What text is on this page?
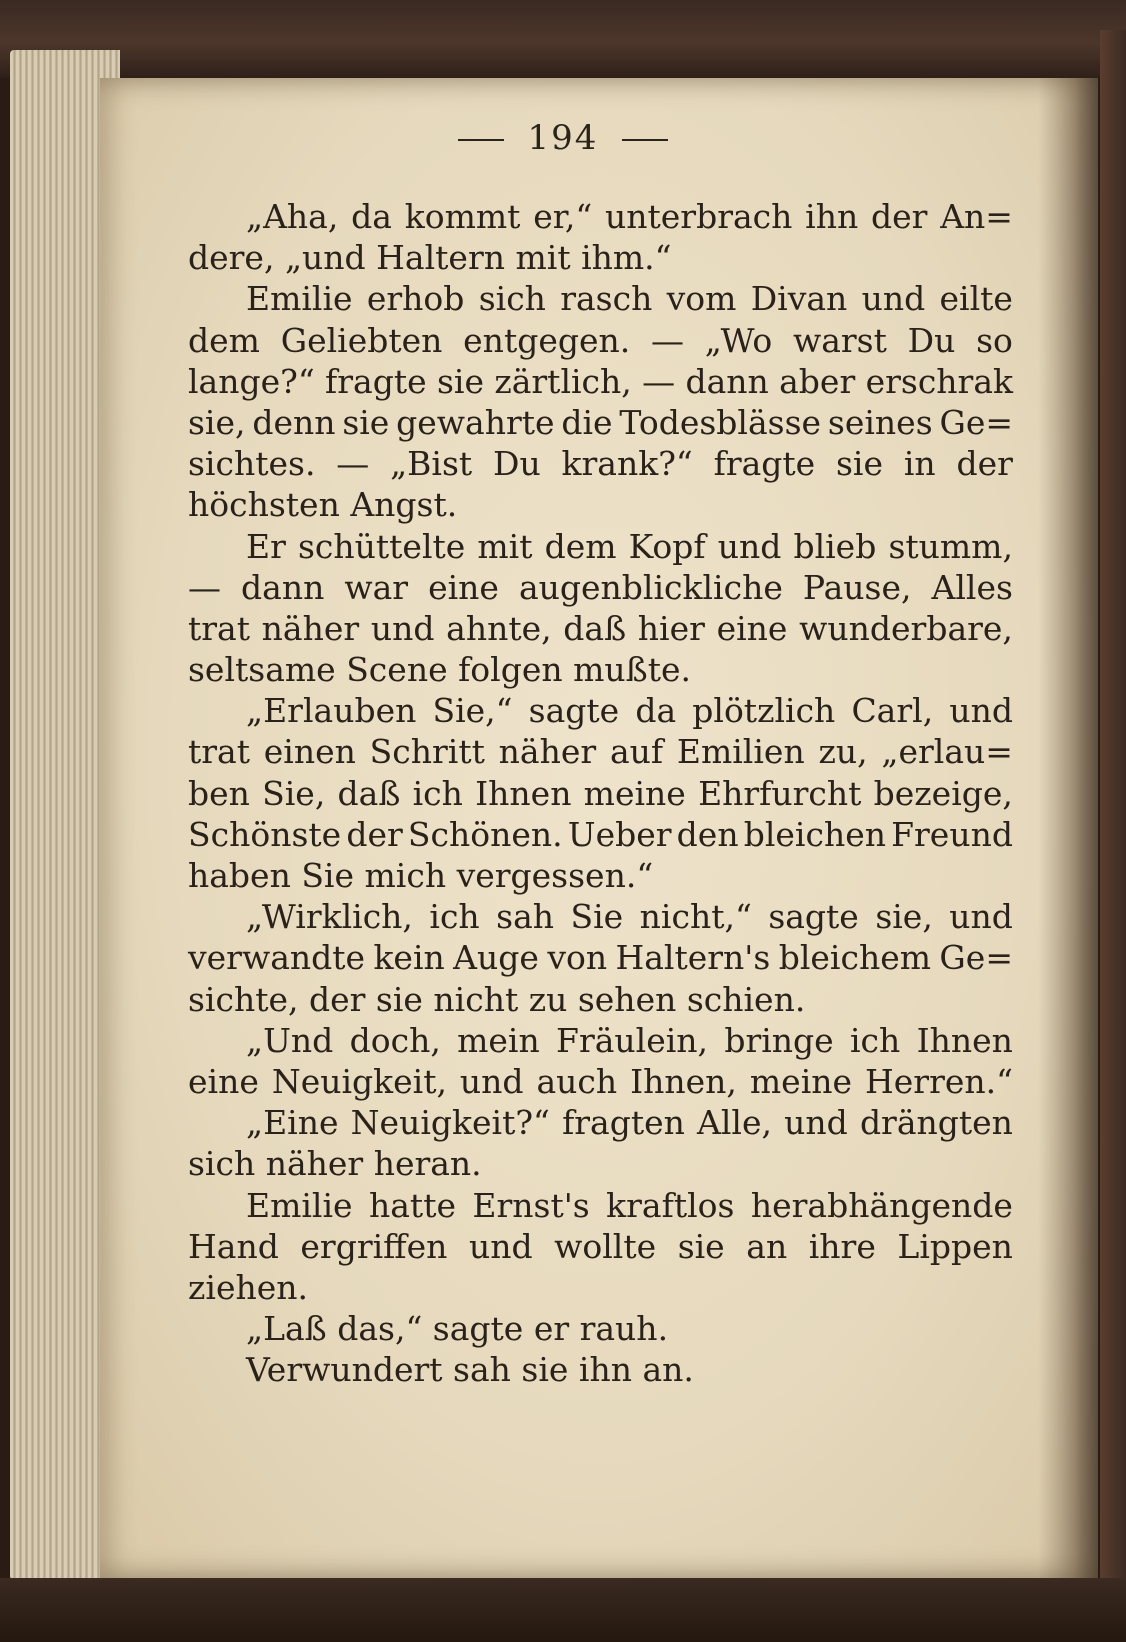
194
„Aha, da kommt er,“ unterbrach ihn der An=
dere, „und Haltern mit ihm.“
Emilie erhob sich rasch vom Divan und eilte
dem Geliebten entgegen. — „Wo warst Du so
lange?“ fragte sie zärtlich, — dann aber erschrak
sie, denn sie gewahrte die Todesblässe seines Ge=
sichtes. — „Bist Du krank?“ fragte sie in der
höchsten Angst.
Er schüttelte mit dem Kopf und blieb stumm,
— dann war eine augenblickliche Pause, Alles
trat näher und ahnte, daß hier eine wunderbare,
seltsame Scene folgen mußte.
„Erlauben Sie,“ sagte da plötzlich Carl, und
trat einen Schritt näher auf Emilien zu, „erlau=
ben Sie, daß ich Ihnen meine Ehrfurcht bezeige,
Schönste der Schönen. Ueber den bleichen Freund
haben Sie mich vergessen.“
„Wirklich, ich sah Sie nicht,“ sagte sie, und
verwandte kein Auge von Haltern's bleichem Ge=
sichte, der sie nicht zu sehen schien.
„Und doch, mein Fräulein, bringe ich Ihnen
eine Neuigkeit, und auch Ihnen, meine Herren.“
„Eine Neuigkeit?“ fragten Alle, und drängten
sich näher heran.
Emilie hatte Ernst's kraftlos herabhängende
Hand ergriffen und wollte sie an ihre Lippen
ziehen.
„Laß das,“ sagte er rauh.
Verwundert sah sie ihn an.
